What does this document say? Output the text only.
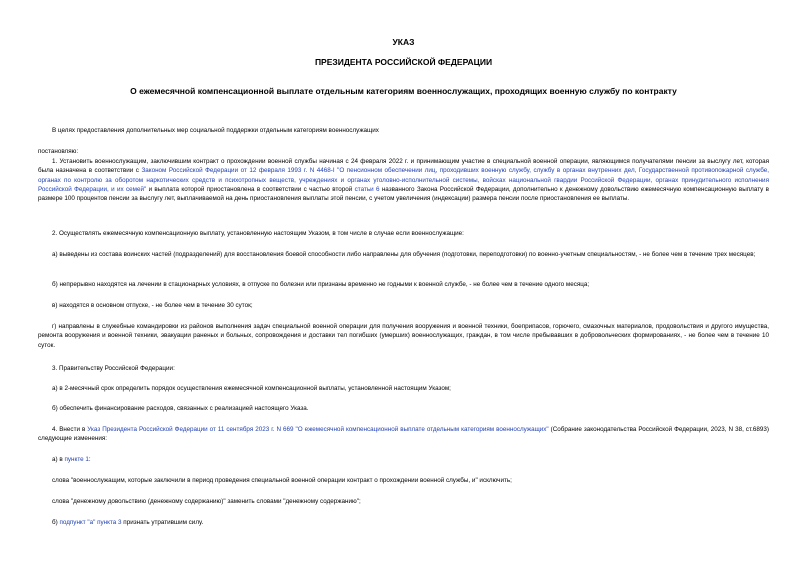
УКАЗ
ПРЕЗИДЕНТА РОССИЙСКОЙ ФЕДЕРАЦИИ
О ежемесячной компенсационной выплате отдельным категориям военнослужащих, проходящих военную службу по контракту
В целях предоставления дополнительных мер социальной поддержки отдельным категориям военнослужащих
постановляю:
1. Установить военнослужащим, заключившим контракт о прохождении военной службы начиная с 24 февраля 2022 г. и принимающим участие в специальной военной операции, являющимся получателями пенсии за выслугу лет, которая была назначена в соответствии с Законом Российской Федерации от 12 февраля 1993 г. N 4468-I "О пенсионном обеспечении лиц, проходивших военную службу, службу в органах внутренних дел, Государственной противопожарной службе, органах по контролю за оборотом наркотических средств и психотропных веществ, учреждениях и органах уголовно-исполнительной системы, войсках национальной гвардии Российской Федерации, органах принудительного исполнения Российской Федерации, и их семей" и выплата которой приостановлена в соответствии с частью второй статьи 6 названного Закона Российской Федерации, дополнительно к денежному довольствию ежемесячную компенсационную выплату в размере 100 процентов пенсии за выслугу лет, выплачиваемой на день приостановления выплаты этой пенсии, с учетом увеличения (индексации) размера пенсии после приостановления ее выплаты.
2. Осуществлять ежемесячную компенсационную выплату, установленную настоящим Указом, в том числе в случае если военнослужащие:
а) выведены из состава воинских частей (подразделений) для восстановления боевой способности либо направлены для обучения (подготовки, переподготовки) по военно-учетным специальностям, - не более чем в течение трех месяцев;
б) непрерывно находятся на лечении в стационарных условиях, в отпуске по болезни или признаны временно не годными к военной службе, - не более чем в течение одного месяца;
в) находятся в основном отпуске, - не более чем в течение 30 суток;
г) направлены в служебные командировки из районов выполнения задач специальной военной операции для получения вооружения и военной техники, боеприпасов, горючего, смазочных материалов, продовольствия и другого имущества, ремонта вооружения и военной техники, эвакуации раненых и больных, сопровождения и доставки тел погибших (умерших) военнослужащих, граждан, в том числе пребывавших в добровольческих формированиях, - не более чем в течение 10 суток.
3. Правительству Российской Федерации:
а) в 2-месячный срок определить порядок осуществления ежемесячной компенсационной выплаты, установленной настоящим Указом;
б) обеспечить финансирование расходов, связанных с реализацией настоящего Указа.
4. Внести в Указ Президента Российской Федерации от 11 сентября 2023 г. N 669 "О ежемесячной компенсационной выплате отдельным категориям военнослужащих" (Собрание законодательства Российской Федерации, 2023, N 38, ст.6893) следующие изменения:
а) в пункте 1:
слова "военнослужащим, которые заключили в период проведения специальной военной операции контракт о прохождении военной службы, и" исключить;
слова "денежному довольствию (денежному содержанию)" заменить словами "денежному содержанию";
б) подпункт "а" пункта 3 признать утратившим силу.
